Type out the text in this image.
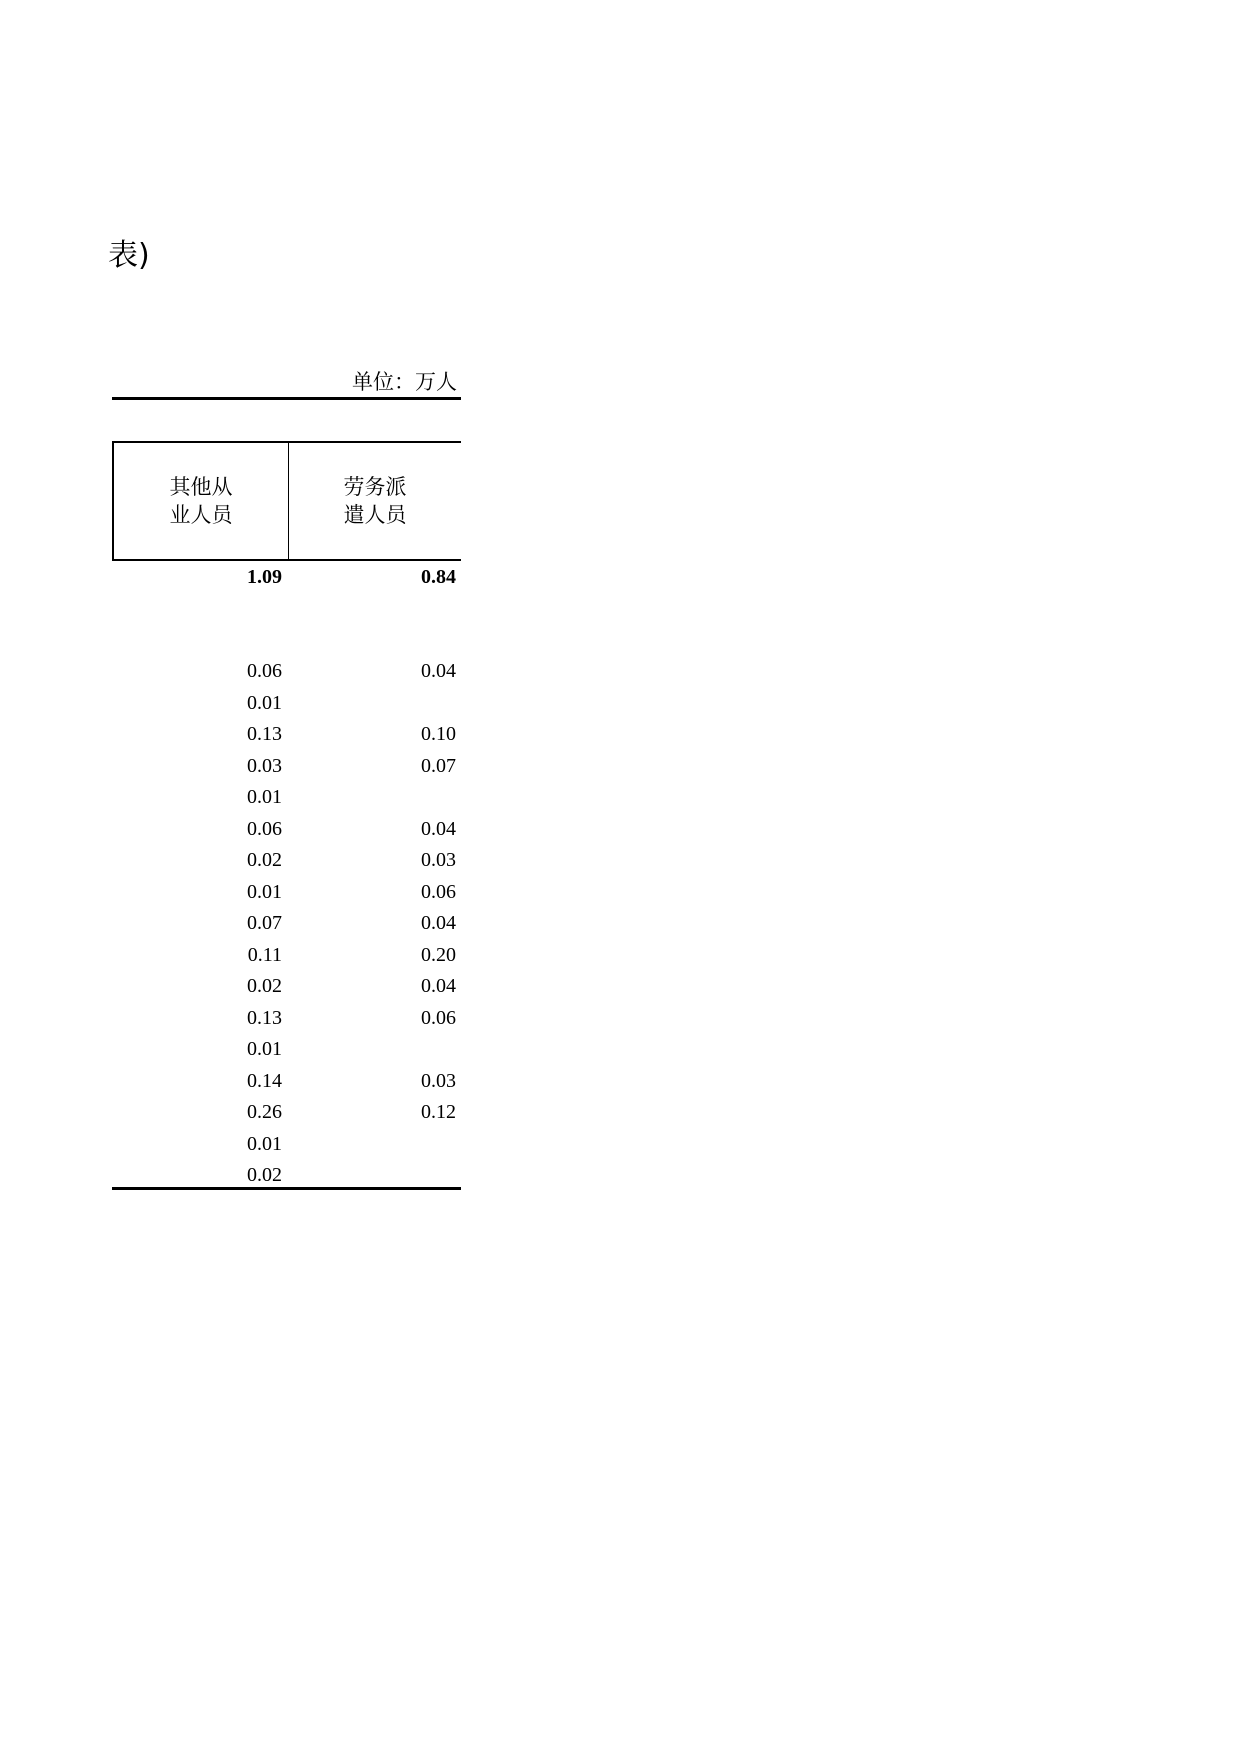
表)
单位：万人
其他从
业人员
劳务派
遣人员
1.09	0.84
0.06	0.04
0.01
0.13	0.10
0.03	0.07
0.01
0.06	0.04
0.02	0.03
0.01	0.06
0.07	0.04
0.11	0.20
0.02	0.04
0.13	0.06
0.01
0.14	0.03
0.26	0.12
0.01
0.02
